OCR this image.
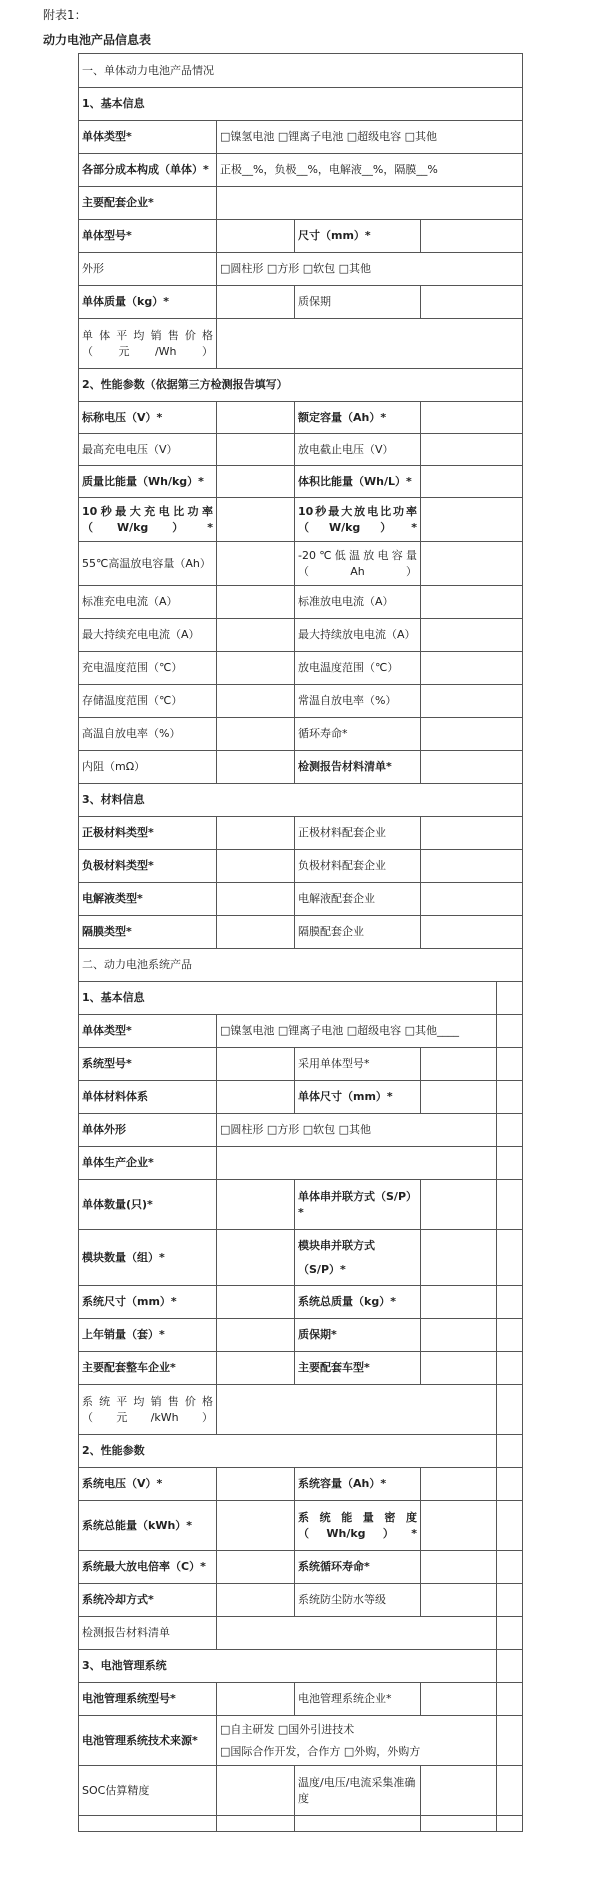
附表1：
动力电池产品信息表
一、单体动力电池产品情况				
1、基本信息				
单体类型*	□镍氢电池 □锂离子电池 □超级电容 □其他			
各部分成本构成（单体）*	正极__%，负极__%，电解液__%，隔膜__%			
主要配套企业*				
单体型号*		尺寸（mm）*		
外形	□圆柱形 □方形 □软包 □其他			
单体质量（kg）*		质保期		
单体平均销售价格（元/Wh）				
2、性能参数（依据第三方检测报告填写）				
标称电压（V）*		额定容量（Ah）*		
最高充电电压（V）		放电截止电压（V）		
质量比能量（Wh/kg）*		体积比能量（Wh/L）*		
10秒最大充电比功率（W/kg）*		10秒最大放电比功率（W/kg）*		
55℃高温放电容量（Ah）		-20℃低温放电容量（Ah）		
标准充电电流（A）		标准放电电流（A）		
最大持续充电电流（A）		最大持续放电电流（A）		
充电温度范围（℃）		放电温度范围（℃）		
存储温度范围（℃）		常温自放电率（%）		
高温自放电率（%）		循环寿命*		
内阻（mΩ）		检测报告材料清单*		
3、材料信息				
正极材料类型*		正极材料配套企业		
负极材料类型*		负极材料配套企业		
电解液类型*		电解液配套企业		
隔膜类型*		隔膜配套企业		
二、动力电池系统产品				
1、基本信息				
单体类型*	□镍氢电池 □锂离子电池 □超级电容 □其他____			
系统型号*		采用单体型号*		
单体材料体系		单体尺寸（mm）*		
单体外形	□圆柱形 □方形 □软包 □其他			
单体生产企业*				
单体数量(只)*		单体串并联方式（S/P）*		
模块数量（组）*		模块串并联方式
（S/P）*		

系统尺寸（mm）*		系统总质量（kg）*		
上年销量（套）*		质保期*		
主要配套整车企业*		主要配套车型*		
系统平均销售价格（元/kWh）				
2、性能参数				
系统电压（V）*		系统容量（Ah）*		
系统总能量（kWh）*		系统能量密度（Wh/kg）*		
系统最大放电倍率（C）*		系统循环寿命*		
系统冷却方式*		系统防尘防水等级		
检测报告材料清单				
3、电池管理系统				
电池管理系统型号*		电池管理系统企业*		
电池管理系统技术来源*	□自主研发 □国外引进技术
□国际合作开发，合作方 □外购，外购方			

SOC估算精度		温度/电压/电流采集准确度		
